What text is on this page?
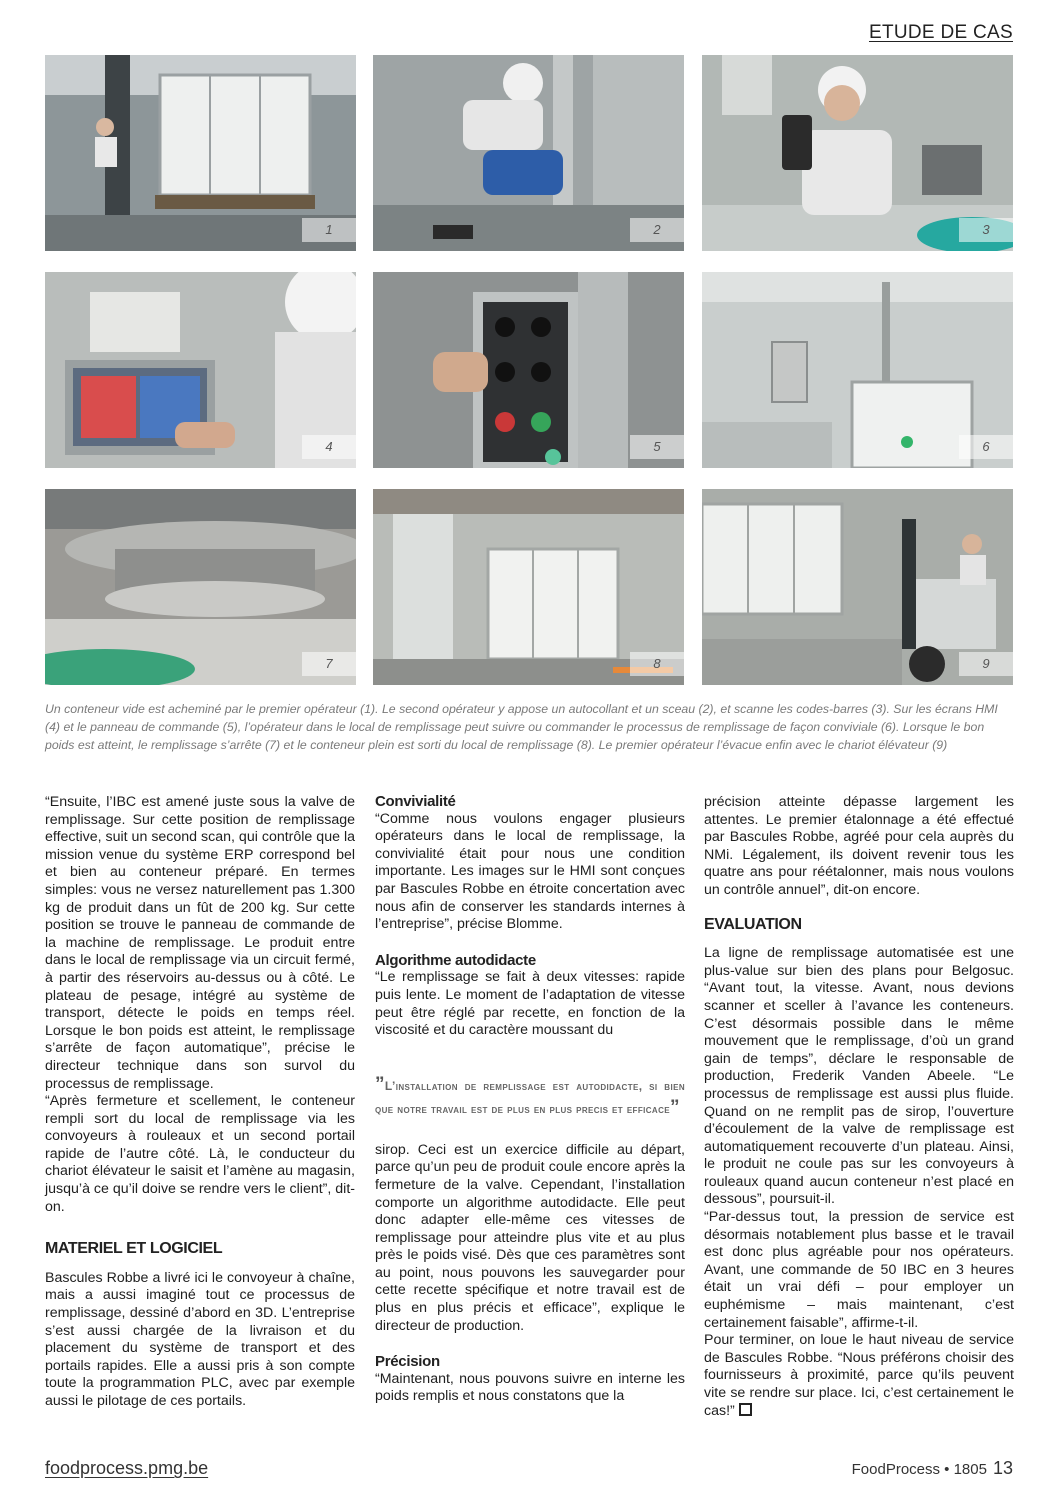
ETUDE DE CAS
1	2	3
4	5	6
7	8	9
Un conteneur vide est acheminé par le premier opérateur (1). Le second opérateur y appose un autocollant et un sceau (2), et scanne les codes-barres (3). Sur les écrans HMI (4) et le panneau de commande (5), l’opérateur dans le local de remplissage peut suivre ou commander le processus de remplissage de façon conviviale (6). Lorsque le bon poids est atteint, le remplissage s’arrête (7) et le conteneur plein est sorti du local de remplissage (8). Le premier opérateur l’évacue enfin avec le chariot élévateur (9)

“Ensuite, l’IBC est amené juste sous la valve de remplissage. Sur cette position de remplissage effective, suit un second scan, qui contrôle que la mission venue du système ERP correspond bel et bien au conteneur préparé. En termes simples: vous ne versez naturellement pas 1.300 kg de produit dans un fût de 200 kg. Sur cette position se trouve le panneau de commande de la machine de remplissage. Le produit entre dans le local de remplissage via un circuit fermé, à partir des réservoirs au-dessus ou à côté. Le plateau de pesage, intégré au système de transport, détecte le poids en temps réel. Lorsque le bon poids est atteint, le remplissage s’arrête de façon automatique”, précise le directeur technique dans son survol du processus de remplissage.

“Après fermeture et scellement, le conteneur rempli sort du local de remplissage via les convoyeurs à rouleaux et un second portail rapide de l’autre côté. Là, le conducteur du chariot élévateur le saisit et l’amène au magasin, jusqu’à ce qu’il doive se rendre vers le client”, dit-on.

MATERIEL ET LOGICIEL

Bascules Robbe a livré ici le convoyeur à chaîne, mais a aussi imaginé tout ce processus de remplissage, dessiné d’abord en 3D. L’entreprise s’est aussi chargée de la livraison et du placement du système de transport et des portails rapides. Elle a aussi pris à son compte toute la programmation PLC, avec par exemple aussi le pilotage de ces portails.

Convivialité

“Comme nous voulons engager plusieurs opérateurs dans le local de remplissage, la convivialité était pour nous une condition importante. Les images sur le HMI sont conçues par Bascules Robbe en étroite concertation avec nous afin de conserver les standards internes à l’entreprise”, précise Blomme.

Algorithme autodidacte

“Le remplissage se fait à deux vitesses: rapide puis lente. Le moment de l’adaptation de vitesse peut être réglé par recette, en fonction de la viscosité et du caractère moussant du

”L’installation de remplissage est autodidacte, si bien que notre travail est de plus en plus precis et efficace”

sirop. Ceci est un exercice difficile au départ, parce qu’un peu de produit coule encore après la fermeture de la valve. Cependant, l’installation comporte un algorithme autodidacte. Elle peut donc adapter elle-même ces vitesses de remplissage pour atteindre plus vite et au plus près le poids visé. Dès que ces paramètres sont au point, nous pouvons les sauvegarder pour cette recette spécifique et notre travail est de plus en plus précis et efficace”, explique le directeur de production.

Précision

“Maintenant, nous pouvons suivre en interne les poids remplis et nous constatons que la

précision atteinte dépasse largement les attentes. Le premier étalonnage a été effectué par Bascules Robbe, agréé pour cela auprès du NMi. Légalement, ils doivent revenir tous les quatre ans pour réétalonner, mais nous voulons un contrôle annuel”, dit-on encore.

EVALUATION

La ligne de remplissage automatisée est une plus-value sur bien des plans pour Belgosuc. “Avant tout, la vitesse. Avant, nous devions scanner et sceller à l’avance les conteneurs. C’est désormais possible dans le même mouvement que le remplissage, d’où un grand gain de temps”, déclare le responsable de production, Frederik Vanden Abeele. “Le processus de remplissage est aussi plus fluide. Quand on ne remplit pas de sirop, l’ouverture d’écoulement de la valve de remplissage est automatiquement recouverte d’un plateau. Ainsi, le produit ne coule pas sur les convoyeurs à rouleaux quand aucun conteneur n’est placé en dessous”, poursuit-il.

“Par-dessus tout, la pression de service est désormais notablement plus basse et le travail est donc plus agréable pour nos opérateurs. Avant, une commande de 50 IBC en 3 heures était un vrai défi – pour employer un euphémisme – mais maintenant, c’est certainement faisable”, affirme-t-il.

Pour terminer, on loue le haut niveau de service de Bascules Robbe. “Nous préférons choisir des fournisseurs à proximité, parce qu’ils peuvent vite se rendre sur place. Ici, c’est certainement le cas!”

foodprocess.pmg.be	FoodProcess • 1805 13
